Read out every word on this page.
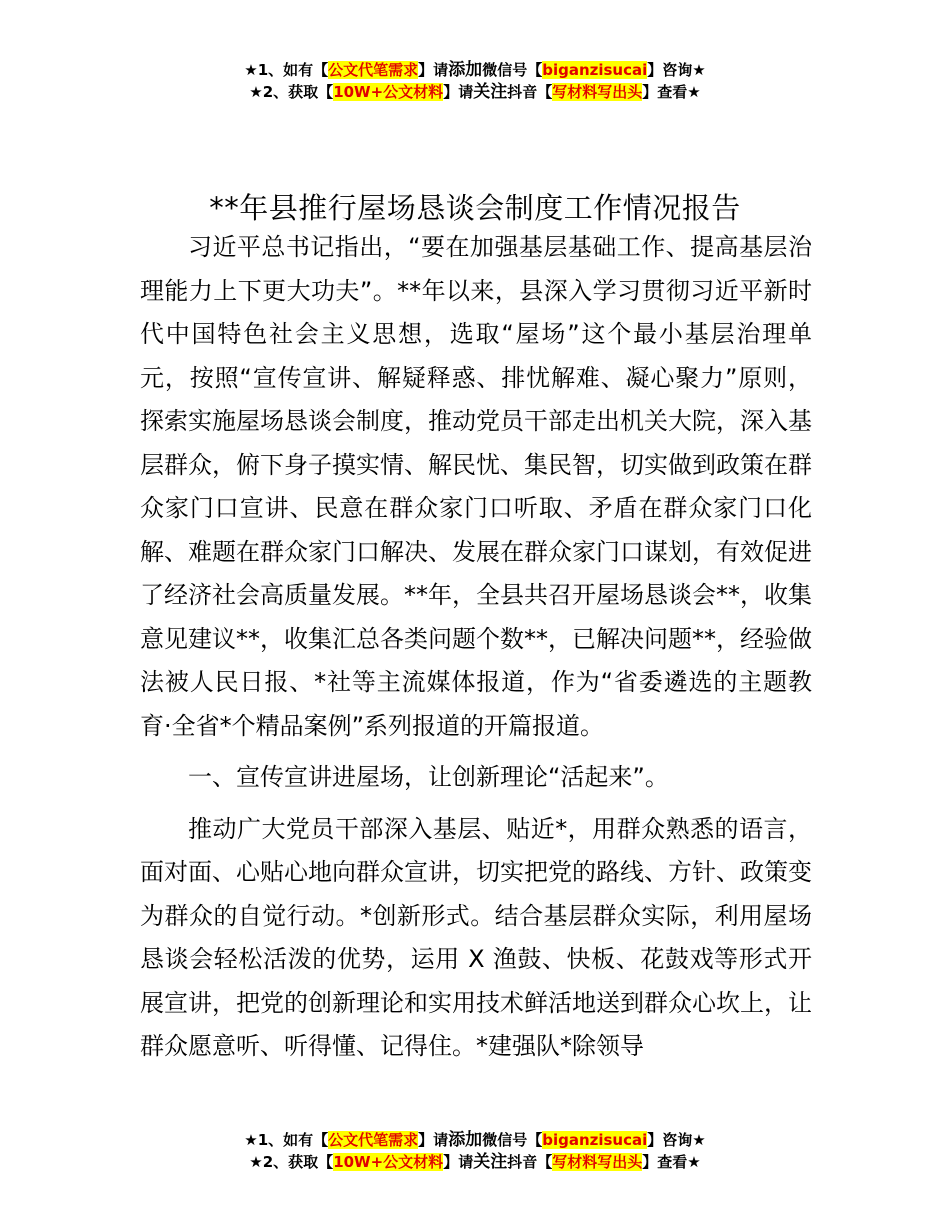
★1、如有【公文代笔需求】请添加微信号【biganzisucai】咨询★
★2、获取【10W+公文材料】请关注抖音【写材料写出头】查看★
**年县推行屋场恳谈会制度工作情况报告

习近平总书记指出，“要在加强基层基础工作、提高基层治理能力上下更大功夫”。**年以来，县深入学习贯彻习近平新时代中国特色社会主义思想，选取“屋场”这个最小基层治理单元，按照“宣传宣讲、解疑释惑、排忧解难、凝心聚力”原则，探索实施屋场恳谈会制度，推动党员干部走出机关大院，深入基层群众，俯下身子摸实情、解民忧、集民智，切实做到政策在群众家门口宣讲、民意在群众家门口听取、矛盾在群众家门口化解、难题在群众家门口解决、发展在群众家门口谋划，有效促进了经济社会高质量发展。**年，全县共召开屋场恳谈会**，收集意见建议**，收集汇总各类问题个数**，已解决问题**，经验做法被人民日报、*社等主流媒体报道，作为“省委遴选的主题教育·全省*个精品案例”系列报道的开篇报道。

一、宣传宣讲进屋场，让创新理论“活起来”。

推动广大党员干部深入基层、贴近*，用群众熟悉的语言，面对面、心贴心地向群众宣讲，切实把党的路线、方针、政策变为群众的自觉行动。*创新形式。结合基层群众实际，利用屋场恳谈会轻松活泼的优势，运用 X 渔鼓、快板、花鼓戏等形式开展宣讲，把党的创新理论和实用技术鲜活地送到群众心坎上，让群众愿意听、听得懂、记得住。*建强队*除领导

★1、如有【公文代笔需求】请添加微信号【biganzisucai】咨询★
★2、获取【10W+公文材料】请关注抖音【写材料写出头】查看★
